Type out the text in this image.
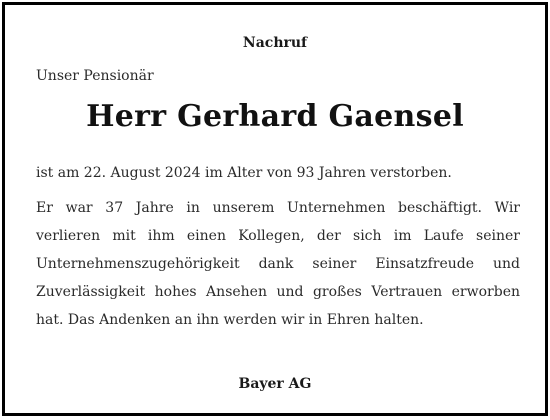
Nachruf
Unser Pensionär
Herr Gerhard Gaensel
ist am 22. August 2024 im Alter von 93 Jahren verstorben.
Er war 37 Jahre in unserem Unternehmen beschäftigt. Wir verlieren mit ihm einen Kollegen, der sich im Laufe seiner Unternehmenszugehörigkeit dank seiner Einsatzfreude und Zuverlässigkeit hohes Ansehen und großes Vertrauen erworben hat. Das Andenken an ihn werden wir in Ehren halten.
Bayer AG
